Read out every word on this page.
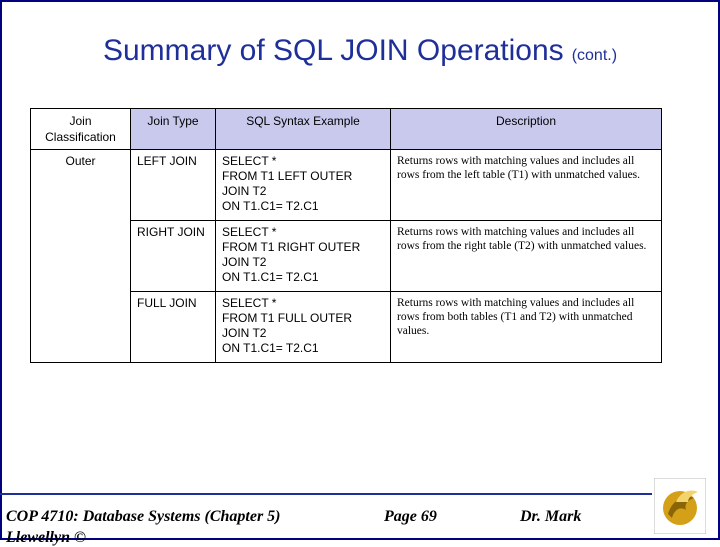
Summary of SQL JOIN Operations (cont.)
Join
Classification	Join Type	SQL Syntax Example	Description
Outer	LEFT JOIN	SELECT *
FROM T1 LEFT OUTER
JOIN T2
ON T1.C1= T2.C1	Returns rows with matching values and includes all rows from the left table (T1) with unmatched values.
	RIGHT JOIN	SELECT *
FROM T1 RIGHT OUTER
JOIN T2
ON T1.C1= T2.C1	Returns rows with matching values and includes all rows from the right table (T2) with unmatched values.
	FULL JOIN	SELECT *
FROM T1 FULL OUTER
JOIN T2
ON T1.C1= T2.C1	Returns rows with matching values and includes all rows from both tables (T1 and T2) with unmatched values.
COP 4710: Database Systems (Chapter 5)	Page 69	Dr. Mark
Llewellyn ©
